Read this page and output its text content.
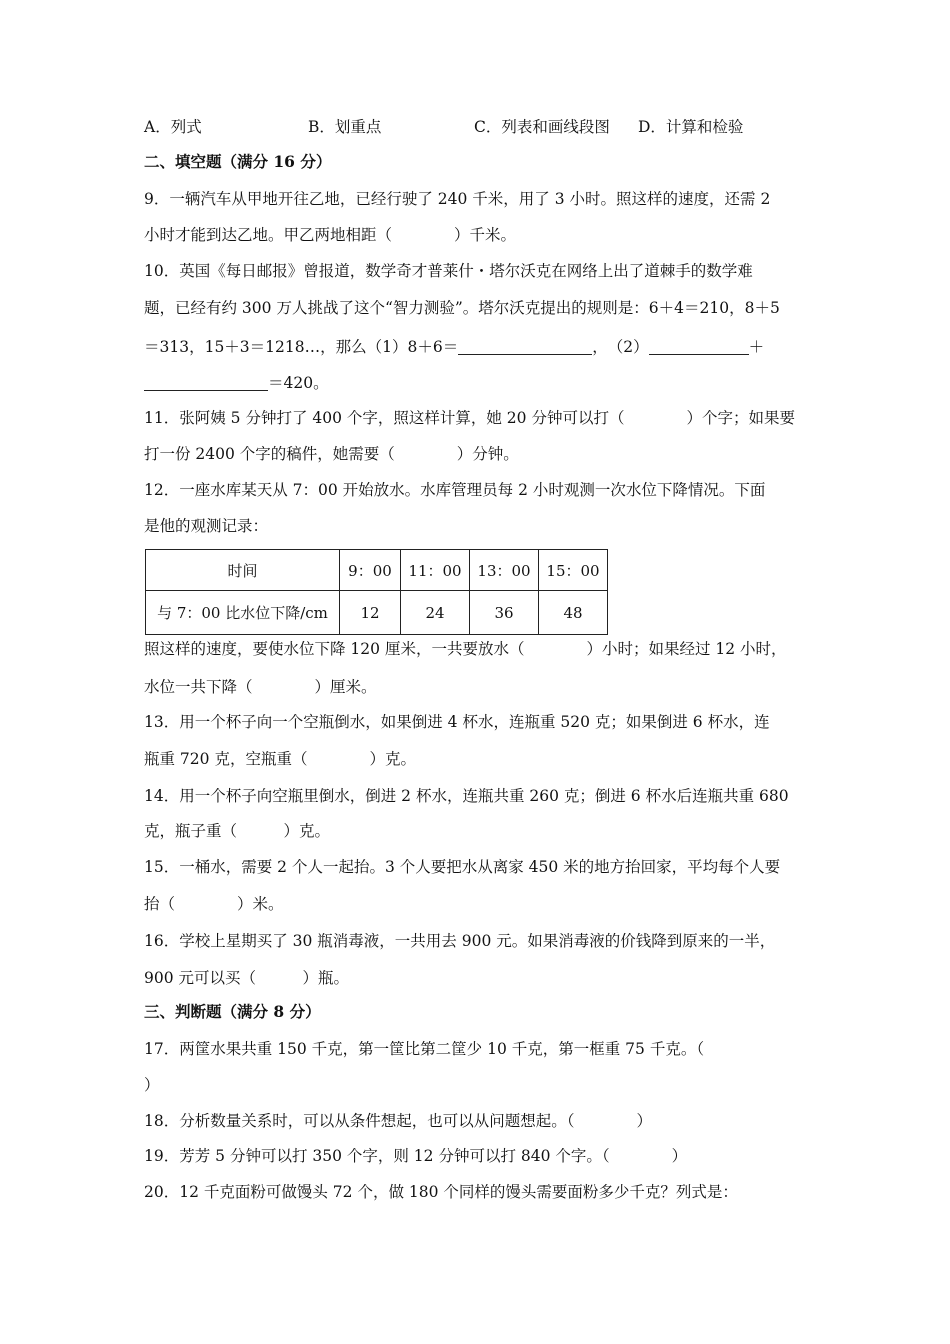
A．列式	B．划重点	C．列表和画线段图 D．计算和检验
二、填空题（满分 16 分）
9．一辆汽车从甲地开往乙地，已经行驶了 240 千米，用了 3 小时。照这样的速度，还需 2
小时才能到达乙地。甲乙两地相距（　　　　）千米。
10．英国《每日邮报》曾报道，数学奇才普莱什・塔尔沃克在网络上出了道棘手的数学难
题，已经有约 300 万人挑战了这个“智力测验”。塔尔沃克提出的规则是：6＋4＝210，8＋5
＝313，15＋3＝1218…，那么（1）8＋6＝	，　（2）	＋
＝420。
11．张阿姨 5 分钟打了 400 个字，照这样计算，她 20 分钟可以打（　　　　）个字；如果要
打一份 2400 个字的稿件，她需要（　　　　）分钟。
12．一座水库某天从 7：00 开始放水。水库管理员每 2 小时观测一次水位下降情况。下面
是他的观测记录：
时间	9：00	11：00	13：00	15：00
与 7：00 比水位下降/cm	12	24	36	48
照这样的速度，要使水位下降 120 厘米，一共要放水（　　　　）小时；如果经过 12 小时，
水位一共下降（　　　　）厘米。
13．用一个杯子向一个空瓶倒水，如果倒进 4 杯水，连瓶重 520 克；如果倒进 6 杯水，连
瓶重 720 克，空瓶重（　　　　）克。
14．用一个杯子向空瓶里倒水，倒进 2 杯水，连瓶共重 260 克；倒进 6 杯水后连瓶共重 680
克，瓶子重（　　　）克。
15．一桶水，需要 2 个人一起抬。3 个人要把水从离家 450 米的地方抬回家，平均每个人要
抬（　　　　）米。
16．学校上星期买了 30 瓶消毒液，一共用去 900 元。如果消毒液的价钱降到原来的一半，
900 元可以买（　　　）瓶。
三、判断题（满分 8 分）
17．两筐水果共重 150 千克，第一筐比第二筐少 10 千克，第一框重 75 千克。（
）
18．分析数量关系时，可以从条件想起，也可以从问题想起。（　　　　）
19．芳芳 5 分钟可以打 350 个字，则 12 分钟可以打 840 个字。（　　　　）
20．12 千克面粉可做馒头 72 个，做 180 个同样的馒头需要面粉多少千克？列式是：
